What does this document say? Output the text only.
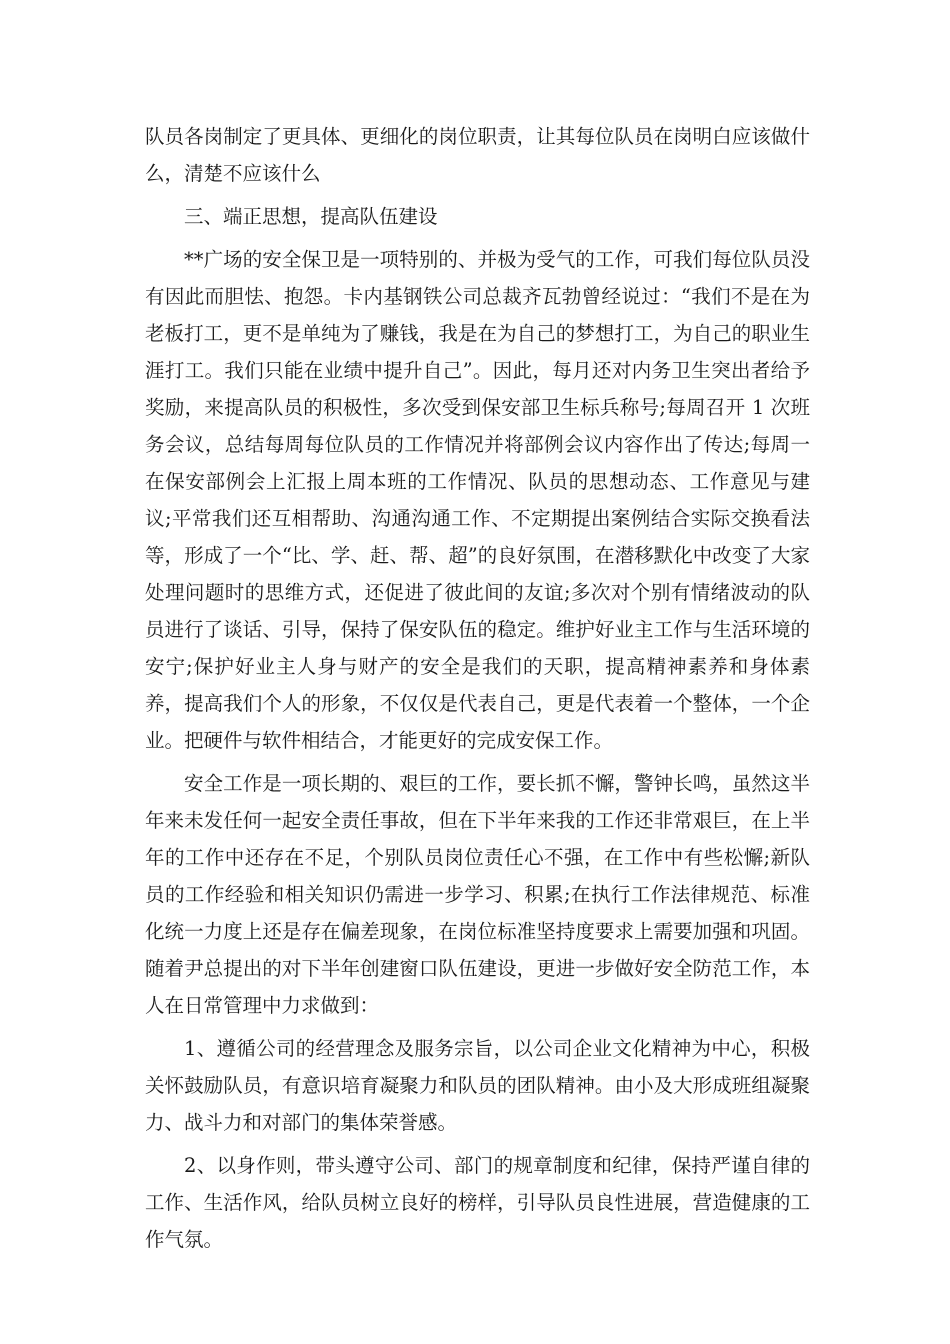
队员各岗制定了更具体、更细化的岗位职责，让其每位队员在岗明白应该做什么，清楚不应该什么

三、端正思想，提高队伍建设

**广场的安全保卫是一项特别的、并极为受气的工作，可我们每位队员没有因此而胆怯、抱怨。卡内基钢铁公司总裁齐瓦勃曾经说过：“我们不是在为老板打工，更不是单纯为了赚钱，我是在为自己的梦想打工，为自己的职业生涯打工。我们只能在业绩中提升自己”。因此，每月还对内务卫生突出者给予奖励，来提高队员的积极性，多次受到保安部卫生标兵称号;每周召开 1 次班务会议，总结每周每位队员的工作情况并将部例会议内容作出了传达;每周一在保安部例会上汇报上周本班的工作情况、队员的思想动态、工作意见与建议;平常我们还互相帮助、沟通沟通工作、不定期提出案例结合实际交换看法等，形成了一个“比、学、赶、帮、超”的良好氛围，在潜移默化中改变了大家处理问题时的思维方式，还促进了彼此间的友谊;多次对个别有情绪波动的队员进行了谈话、引导，保持了保安队伍的稳定。维护好业主工作与生活环境的安宁;保护好业主人身与财产的安全是我们的天职，提高精神素养和身体素养，提高我们个人的形象，不仅仅是代表自己，更是代表着一个整体，一个企业。把硬件与软件相结合，才能更好的完成安保工作。

安全工作是一项长期的、艰巨的工作，要长抓不懈，警钟长鸣，虽然这半年来未发任何一起安全责任事故，但在下半年来我的工作还非常艰巨，在上半年的工作中还存在不足，个别队员岗位责任心不强，在工作中有些松懈;新队员的工作经验和相关知识仍需进一步学习、积累;在执行工作法律规范、标准化统一力度上还是存在偏差现象，在岗位标准坚持度要求上需要加强和巩固。随着尹总提出的对下半年创建窗口队伍建设，更进一步做好安全防范工作，本人在日常管理中力求做到：

1、遵循公司的经营理念及服务宗旨，以公司企业文化精神为中心，积极关怀鼓励队员，有意识培育凝聚力和队员的团队精神。由小及大形成班组凝聚力、战斗力和对部门的集体荣誉感。

2、以身作则，带头遵守公司、部门的规章制度和纪律，保持严谨自律的工作、生活作风，给队员树立良好的榜样，引导队员良性进展，营造健康的工作气氛。
